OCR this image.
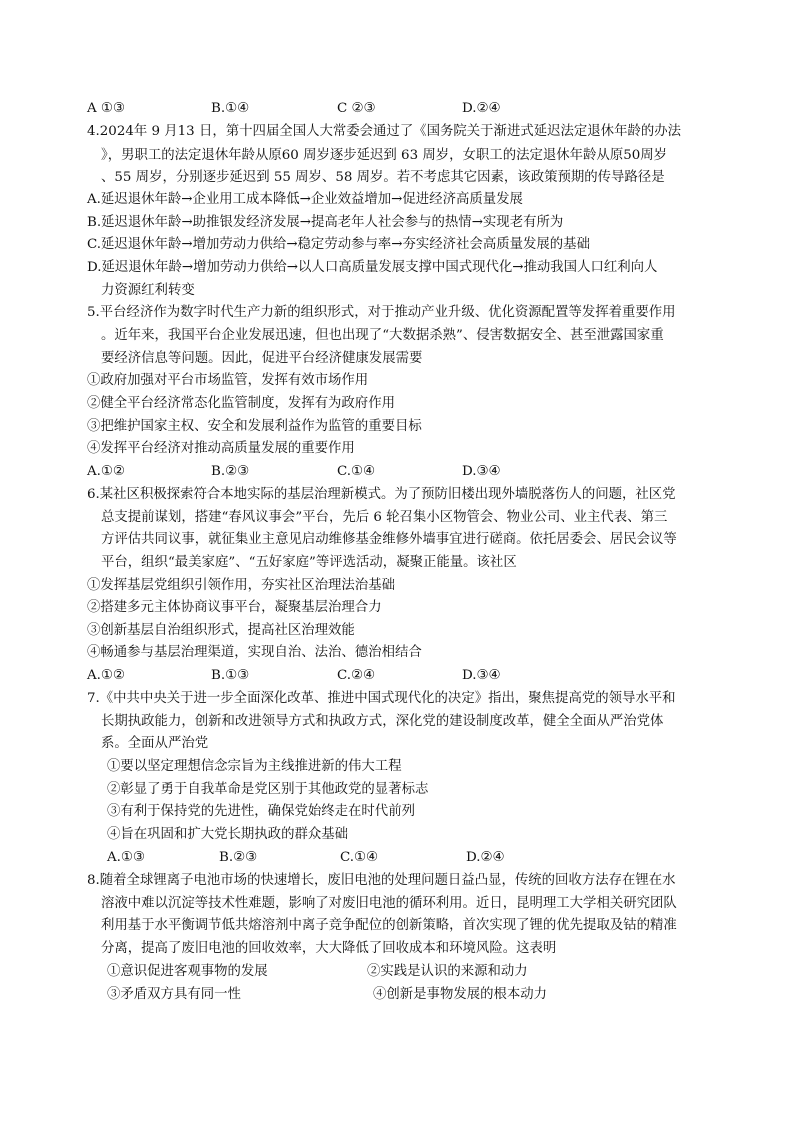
A ①③	B.①④	C ②③	D.②④
4.2024年 9 月13 日，第十四届全国人大常委会通过了《国务院关于渐进式延迟法定退休年龄的办法
》，男职工的法定退休年龄从原60 周岁逐步延迟到 63 周岁，女职工的法定退休年龄从原50周岁
、55 周岁，分别逐步延迟到 55 周岁、58 周岁。若不考虑其它因素，该政策预期的传导路径是
A.延迟退休年龄→企业用工成本降低→企业效益增加→促进经济高质量发展
B.延迟退休年龄→助推银发经济发展→提高老年人社会参与的热情→实现老有所为
C.延迟退休年龄→增加劳动力供给→稳定劳动参与率→夯实经济社会高质量发展的基础
D.延迟退休年龄→增加劳动力供给→以人口高质量发展支撑中国式现代化→推动我国人口红利向人
力资源红利转变
5.平台经济作为数字时代生产力新的组织形式，对于推动产业升级、优化资源配置等发挥着重要作用
。近年来，我国平台企业发展迅速，但也出现了“大数据杀熟”、侵害数据安全、甚至泄露国家重
要经济信息等问题。因此，促进平台经济健康发展需要
①政府加强对平台市场监管，发挥有效市场作用
②健全平台经济常态化监管制度，发挥有为政府作用
③把维护国家主权、安全和发展利益作为监管的重要目标
④发挥平台经济对推动高质量发展的重要作用
A.①②	B.②③	C.①④	D.③④
6.某社区积极探索符合本地实际的基层治理新模式。为了预防旧楼出现外墙脱落伤人的问题，社区党
总支提前谋划，搭建“春风议事会”平台，先后 6 轮召集小区物管会、物业公司、业主代表、第三
方评估共同议事，就征集业主意见启动维修基金维修外墙事宜进行磋商。依托居委会、居民会议等
平台，组织“最美家庭”、“五好家庭”等评选活动，凝聚正能量。该社区
①发挥基层党组织引领作用，夯实社区治理法治基础
②搭建多元主体协商议事平台，凝聚基层治理合力
③创新基层自治组织形式，提高社区治理效能
④畅通参与基层治理渠道，实现自治、法治、德治相结合
A.①②	B.①③	C.②④	D.③④
7.《中共中央关于进一步全面深化改革、推进中国式现代化的决定》指出，聚焦提高党的领导水平和
长期执政能力，创新和改进领导方式和执政方式，深化党的建设制度改革，健全全面从严治党体
系。全面从严治党
①要以坚定理想信念宗旨为主线推进新的伟大工程
②彰显了勇于自我革命是党区别于其他政党的显著标志
③有利于保持党的先进性，确保党始终走在时代前列
④旨在巩固和扩大党长期执政的群众基础
A.①③	B.②③	C.①④	D.②④
8.随着全球锂离子电池市场的快速增长，废旧电池的处理问题日益凸显，传统的回收方法存在锂在水
溶液中难以沉淀等技术性难题，影响了对废旧电池的循环利用。近日，昆明理工大学相关研究团队
利用基于水平衡调节低共熔溶剂中离子竞争配位的创新策略，首次实现了锂的优先提取及钴的精准
分离，提高了废旧电池的回收效率，大大降低了回收成本和环境风险。这表明
①意识促进客观事物的发展	②实践是认识的来源和动力
③矛盾双方具有同一性	④创新是事物发展的根本动力
